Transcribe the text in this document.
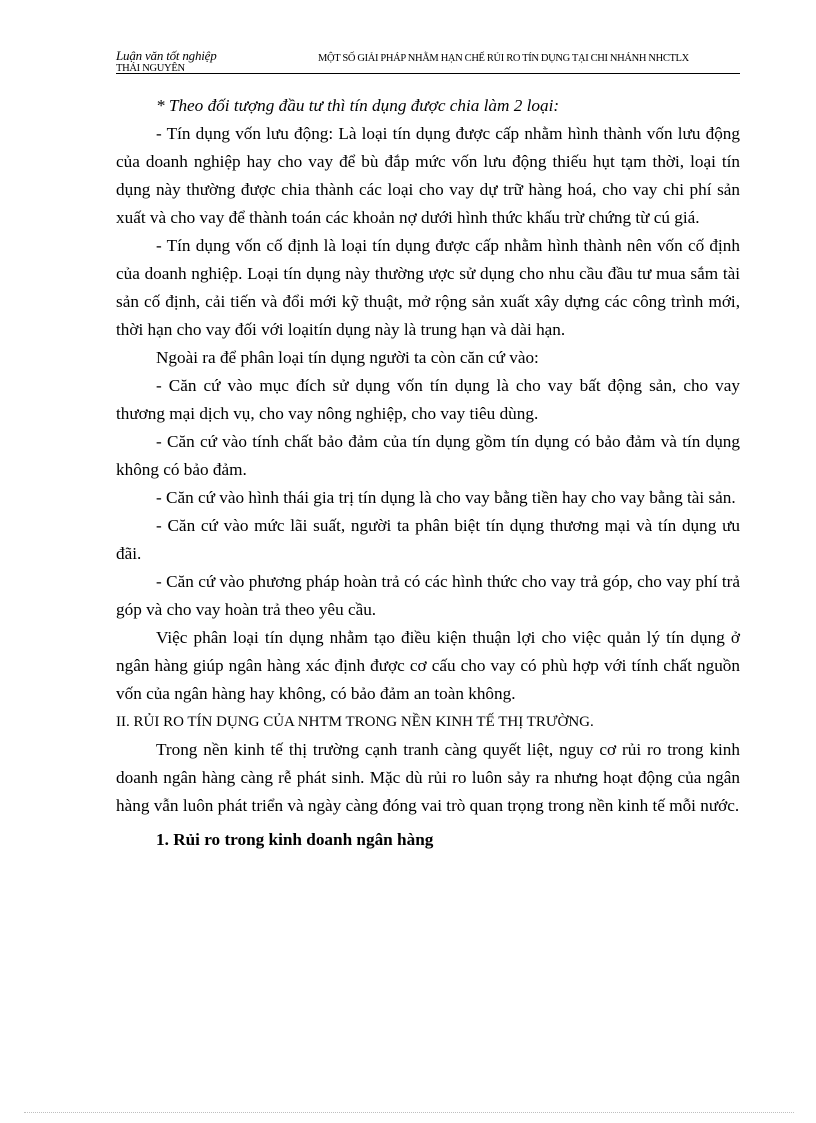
Luận văn tốt nghiệp
THÁI NGUYÊN
MỘT SỐ GIẢI PHÁP NHẰM HẠN CHẾ RỦI RO TÍN DỤNG TẠI CHI NHÁNH NHCTLX

* Theo đối tượng đầu tư thì tín dụng được chia làm 2 loại:

- Tín dụng vốn lưu động: Là loại tín dụng được cấp nhằm hình thành vốn lưu động của doanh nghiệp hay cho vay để bù đắp mức vốn lưu động thiếu hụt tạm thời, loại tín dụng này thường được chia thành các loại cho vay dự trữ hàng hoá, cho vay chi phí sản xuất và cho vay để thành toán các khoản nợ dưới hình thức khấu trừ chứng từ cú giá.

- Tín dụng vốn cố định là loại tín dụng được cấp nhằm hình thành nên vốn cố định của doanh nghiệp. Loại tín dụng này thường ược sử dụng cho nhu cầu đầu tư mua sắm tài sản cố định, cải tiến và đổi mới kỹ thuật, mở rộng sản xuất xây dựng các công trình mới, thời hạn cho vay đối với loạitín dụng này là trung hạn và dài hạn.

Ngoài ra để phân loại tín dụng người ta còn căn cứ vào:

- Căn cứ vào mục đích sử dụng vốn tín dụng là cho vay bất động sản, cho vay thương mại dịch vụ, cho vay nông nghiệp, cho vay tiêu dùng.

- Căn cứ vào tính chất bảo đảm của tín dụng gồm tín dụng có bảo đảm và tín dụng không có bảo đảm.

- Căn cứ vào hình thái gia trị tín dụng là cho vay bằng tiền hay cho vay bằng tài sản.

- Căn cứ vào mức lãi suất, người ta phân biệt tín dụng thương mại và tín dụng ưu đãi.

- Căn cứ vào phương pháp hoàn trả có các hình thức cho vay trả góp, cho vay phí trả góp và cho vay hoàn trả theo yêu cầu.

Việc phân loại tín dụng nhằm tạo điều kiện thuận lợi cho việc quản lý tín dụng ở ngân hàng giúp ngân hàng xác định được cơ cấu cho vay có phù hợp với tính chất nguồn vốn của ngân hàng hay không, có bảo đảm an toàn không.

II. RỦI RO TÍN DỤNG CỦA NHTM TRONG NỀN KINH TẾ THỊ TRƯỜNG.

Trong nền kinh tế thị trường cạnh tranh càng quyết liệt, nguy cơ rủi ro trong kinh doanh ngân hàng càng rễ phát sinh. Mặc dù rủi ro luôn sảy ra nhưng hoạt động của ngân hàng vẫn luôn phát triển và ngày càng đóng vai trò quan trọng trong nền kinh tế mỗi nước.

1. Rủi ro trong kinh doanh ngân hàng
